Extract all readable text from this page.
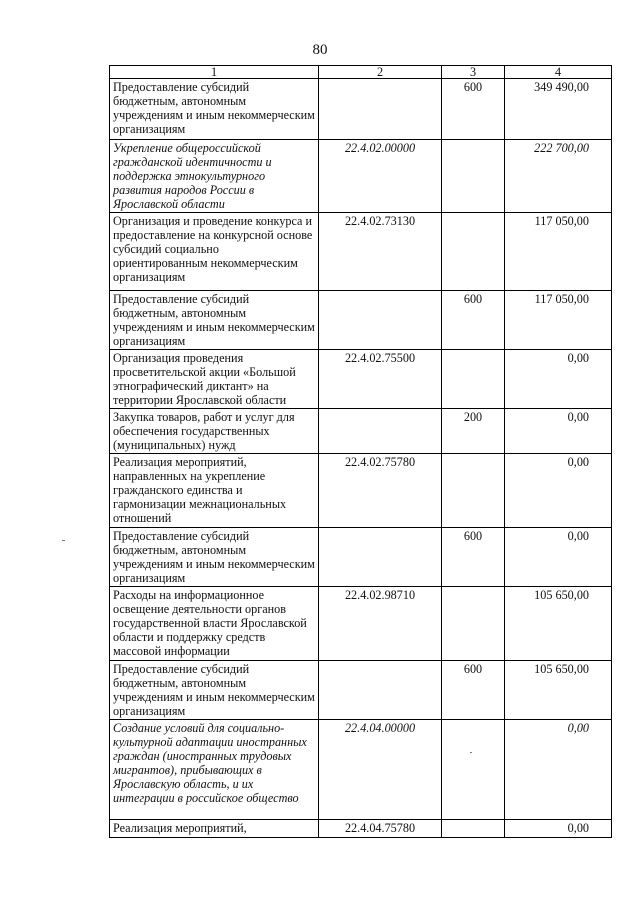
80
1	2	3	4
Предоставление субсидий бюджетным, автономным учреждениям и иным некоммерческим организациям		600	349 490,00
Укрепление общероссийской гражданской идентичности и поддержка этнокультурного развития народов России в Ярославской области	22.4.02.00000		222 700,00
Организация и проведение конкурса и предоставление на конкурсной основе субсидий социально ориентированным некоммерческим организациям	22.4.02.73130		117 050,00
Предоставление субсидий бюджетным, автономным учреждениям и иным некоммерческим организациям		600	117 050,00
Организация проведения просветительской акции «Большой этнографический диктант» на территории Ярославской области	22.4.02.75500		0,00
Закупка товаров, работ и услуг для обеспечения государственных (муниципальных) нужд		200	0,00
Реализация мероприятий, направленных на укрепление гражданского единства и гармонизации межнациональных отношений	22.4.02.75780		0,00
Предоставление субсидий бюджетным, автономным учреждениям и иным некоммерческим организациям		600	0,00
Расходы на информационное освещение деятельности органов государственной власти Ярославской области и поддержку средств массовой информации	22.4.02.98710		105 650,00
Предоставление субсидий бюджетным, автономным учреждениям и иным некоммерческим организациям		600	105 650,00
Создание условий для социально-культурной адаптации иностранных граждан (иностранных трудовых мигрантов), прибывающих в Ярославскую область, и их интеграции в российское общество	22.4.04.00000		0,00
Реализация мероприятий,	22.4.04.75780		0,00
